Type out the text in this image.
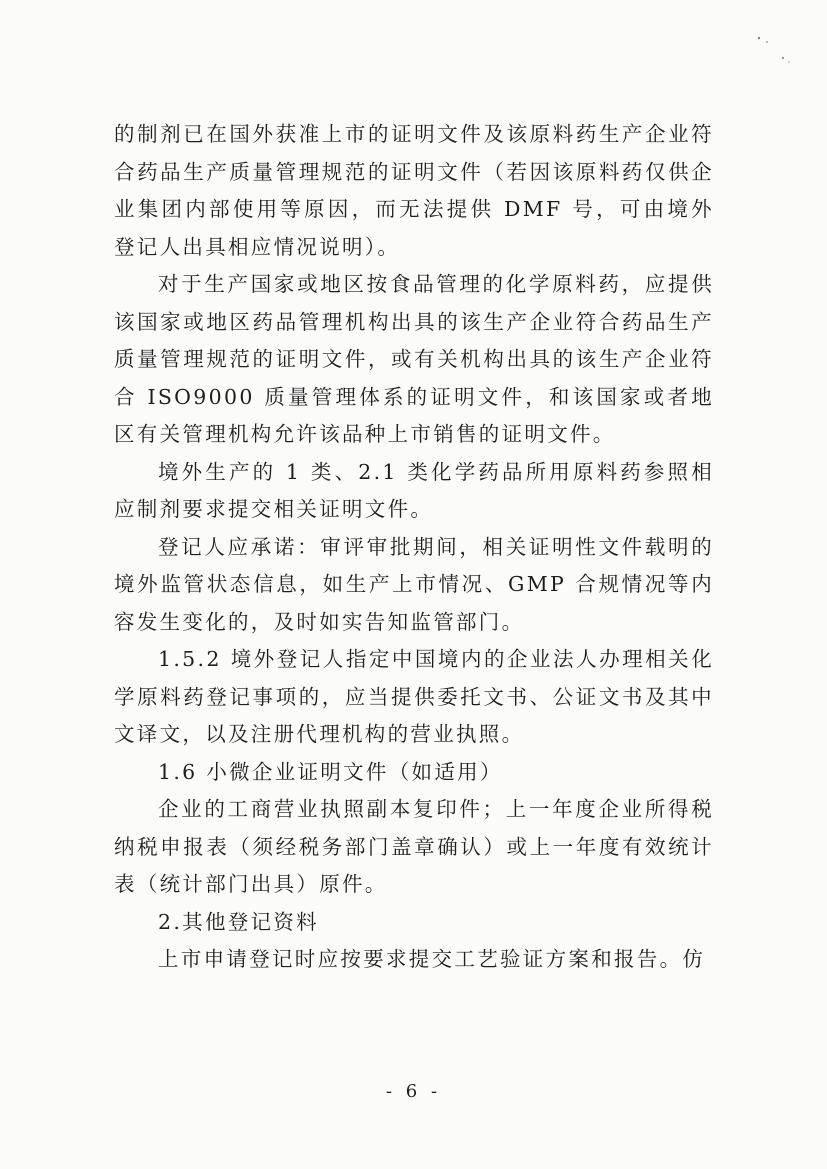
的制剂已在国外获准上市的证明文件及该原料药生产企业符合药品生产质量管理规范的证明文件（若因该原料药仅供企业集团内部使用等原因，而无法提供 DMF 号，可由境外登记人出具相应情况说明）。

对于生产国家或地区按食品管理的化学原料药，应提供该国家或地区药品管理机构出具的该生产企业符合药品生产质量管理规范的证明文件，或有关机构出具的该生产企业符合 ISO9000 质量管理体系的证明文件，和该国家或者地区有关管理机构允许该品种上市销售的证明文件。

境外生产的 1 类、2.1 类化学药品所用原料药参照相应制剂要求提交相关证明文件。

登记人应承诺：审评审批期间，相关证明性文件载明的境外监管状态信息，如生产上市情况、GMP 合规情况等内容发生变化的，及时如实告知监管部门。

1.5.2 境外登记人指定中国境内的企业法人办理相关化学原料药登记事项的，应当提供委托文书、公证文书及其中文译文，以及注册代理机构的营业执照。

1.6 小微企业证明文件（如适用）

企业的工商营业执照副本复印件；上一年度企业所得税纳税申报表（须经税务部门盖章确认）或上一年度有效统计表（统计部门出具）原件。

2.其他登记资料

上市申请登记时应按要求提交工艺验证方案和报告。仿

- 6 -
